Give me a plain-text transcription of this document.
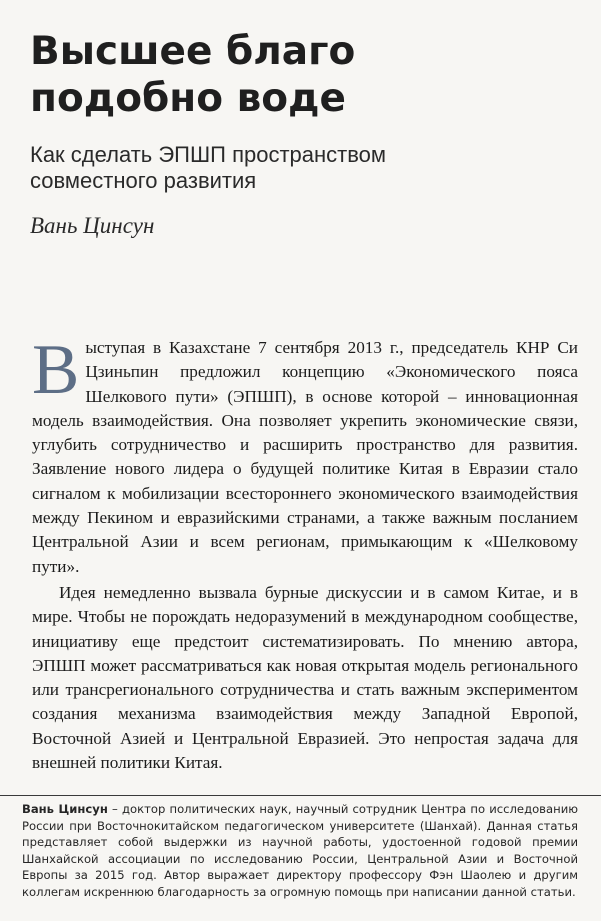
Высшее благо
подобно воде
Как сделать ЭПШП пространством
совместного развития
Вань Цинсун

Выступая в Казахстане 7 сентября 2013 г., председатель КНР Си Цзиньпин предложил концепцию «Экономического пояса Шелкового пути» (ЭПШП), в основе которой – инновационная модель взаимодействия. Она позволяет укрепить экономические связи, углубить сотрудничество и расширить пространство для развития. Заявление нового лидера о будущей политике Китая в Евразии стало сигналом к мобилизации всестороннего экономического взаимодействия между Пекином и евразийскими странами, а также важным посланием Центральной Азии и всем регионам, примыкающим к «Шелковому пути».

Идея немедленно вызвала бурные дискуссии и в самом Китае, и в мире. Чтобы не порождать недоразумений в международном сообществе, инициативу еще предстоит систематизировать. По мнению автора, ЭПШП может рассматриваться как новая открытая модель регионального или трансрегионального сотрудничества и стать важным экспериментом создания механизма взаимодействия между Западной Европой, Восточной Азией и Центральной Евразией. Это непростая задача для внешней политики Китая.

Вань Цинсун – доктор политических наук, научный сотрудник Центра по исследованию России при Восточнокитайском педагогическом университете (Шанхай). Данная статья представляет собой выдержки из научной работы, удостоенной годовой премии Шанхайской ассоциации по исследованию России, Центральной Азии и Восточной Европы за 2015 год. Автор выражает директору профессору Фэн Шаолею и другим коллегам искреннюю благодарность за огромную помощь при написании данной статьи.
